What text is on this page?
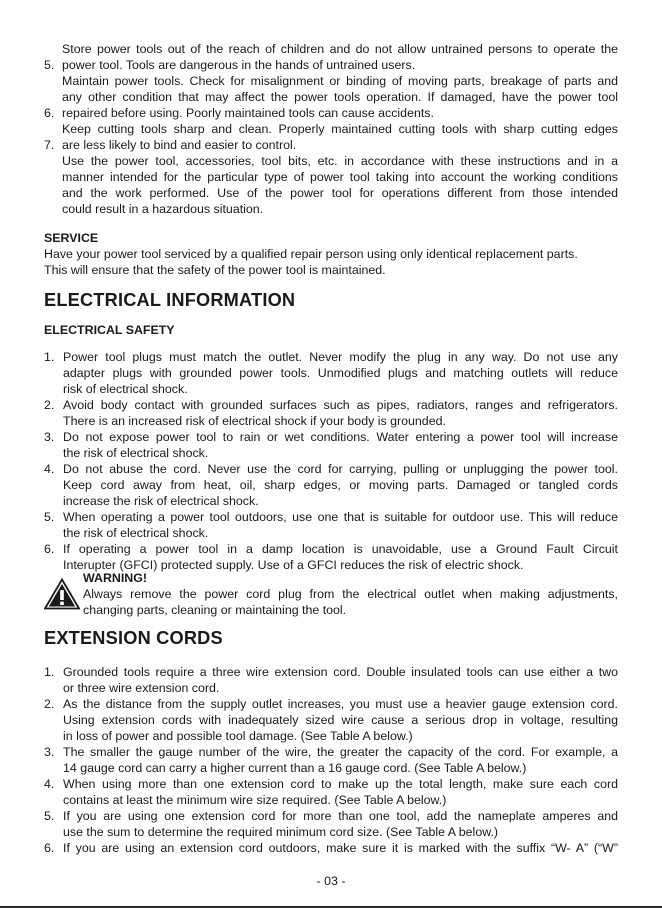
5.
Store power tools out of the reach of children and do not allow untrained persons to operate the
power tool. Tools are dangerous in the hands of untrained users.
6.
Maintain power tools. Check for misalignment or binding of moving parts, breakage of parts and
any other condition that may affect the power tools operation. If damaged, have the power tool
repaired before using. Poorly maintained tools can cause accidents.
7.
Keep cutting tools sharp and clean. Properly maintained cutting tools with sharp cutting edges
are less likely to bind and easier to control.
Use the power tool, accessories, tool bits, etc. in accordance with these instructions and in a
manner intended for the particular type of power tool taking into account the working conditions
and the work performed. Use of the power tool for operations different from those intended
could result in a hazardous situation.
SERVICE
Have your power tool serviced by a qualified repair person using only identical replacement parts.
This will ensure that the safety of the power tool is maintained.
ELECTRICAL INFORMATION
ELECTRICAL SAFETY
1. Power tool plugs must match the outlet. Never modify the plug in any way. Do not use any
adapter plugs with grounded power tools. Unmodified plugs and matching outlets will reduce
risk of electrical shock.
2. Avoid body contact with grounded surfaces such as pipes, radiators, ranges and refrigerators.
There is an increased risk of electrical shock if your body is grounded.
3. Do not expose power tool to rain or wet conditions. Water entering a power tool will increase
the risk of electrical shock.
4. Do not abuse the cord. Never use the cord for carrying, pulling or unplugging the power tool.
Keep cord away from heat, oil, sharp edges, or moving parts. Damaged or tangled cords
increase the risk of electrical shock.
5. When operating a power tool outdoors, use one that is suitable for outdoor use. This will reduce
the risk of electrical shock.
6. If operating a power tool in a damp location is unavoidable, use a Ground Fault Circuit
Interupter (GFCI) protected supply. Use of a GFCI reduces the risk of electric shock.
WARNING!
Always remove the power cord plug from the electrical outlet when making adjustments,
changing parts, cleaning or maintaining the tool.
EXTENSION CORDS
1. Grounded tools require a three wire extension cord. Double insulated tools can use either a two
or three wire extension cord.
2. As the distance from the supply outlet increases, you must use a heavier gauge extension cord.
Using extension cords with inadequately sized wire cause a serious drop in voltage, resulting
in loss of power and possible tool damage. (See Table A below.)
3. The smaller the gauge number of the wire, the greater the capacity of the cord. For example, a
14 gauge cord can carry a higher current than a 16 gauge cord. (See Table A below.)
4. When using more than one extension cord to make up the total length, make sure each cord
contains at least the minimum wire size required. (See Table A below.)
5. If you are using one extension cord for more than one tool, add the nameplate amperes and
use the sum to determine the required minimum cord size. (See Table A below.)
6. If you are using an extension cord outdoors, make sure it is marked with the suffix “W- A” (“W”
- 03 -
